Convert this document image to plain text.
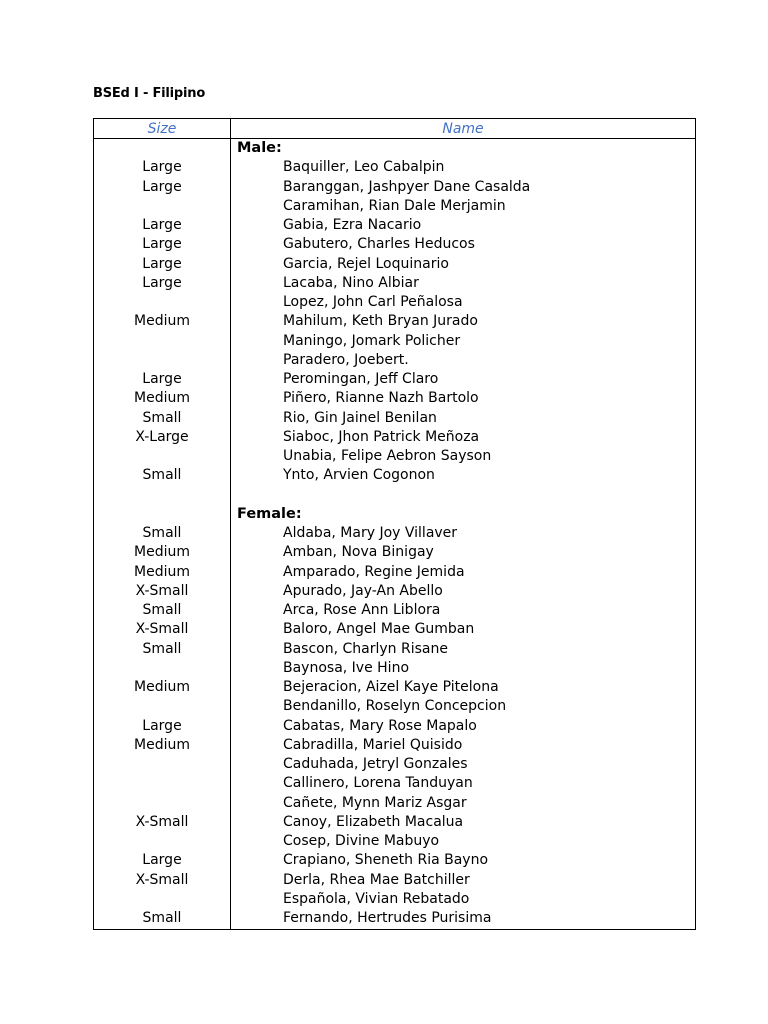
BSEd I - Filipino
Size	Name
Male:
Large	Baquiller, Leo Cabalpin
Large	Baranggan, Jashpyer Dane Casalda
Caramihan, Rian Dale Merjamin
Large	Gabia, Ezra Nacario
Large	Gabutero, Charles Heducos
Large	Garcia, Rejel Loquinario
Large	Lacaba, Nino Albiar
Lopez, John Carl Peñalosa
Medium	Mahilum, Keth Bryan Jurado
Maningo, Jomark Policher
Paradero, Joebert.
Large	Peromingan, Jeff Claro
Medium	Piñero, Rianne Nazh Bartolo
Small	Rio, Gin Jainel Benilan
X-Large	Siaboc, Jhon Patrick Meñoza
Unabia, Felipe Aebron Sayson
Small	Ynto, Arvien Cogonon
Female:
Small	Aldaba, Mary Joy Villaver
Medium	Amban, Nova Binigay
Medium	Amparado, Regine Jemida
X-Small	Apurado, Jay-An Abello
Small	Arca, Rose Ann Liblora
X-Small	Baloro, Angel Mae Gumban
Small	Bascon, Charlyn Risane
Baynosa, Ive Hino
Medium	Bejeracion, Aizel Kaye Pitelona
Bendanillo, Roselyn Concepcion
Large	Cabatas, Mary Rose Mapalo
Medium	Cabradilla, Mariel Quisido
Caduhada, Jetryl Gonzales
Callinero, Lorena Tanduyan
Cañete, Mynn Mariz Asgar
X-Small	Canoy, Elizabeth Macalua
Cosep, Divine Mabuyo
Large	Crapiano, Sheneth Ria Bayno
X-Small	Derla, Rhea Mae Batchiller
Española, Vivian Rebatado
Small	Fernando, Hertrudes Purisima
